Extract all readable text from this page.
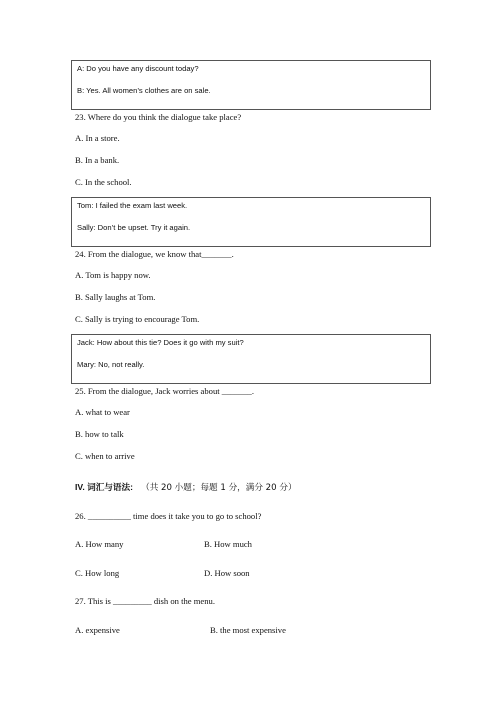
A: Do you have any discount today?
B: Yes. All women’s clothes are on sale.
23. Where do you think the dialogue take place?
A. In a store.
B. In a bank.
C. In the school.
Tom: I failed the exam last week.
Sally: Don’t be upset. Try it again.
24. From the dialogue, we know that_______.
A. Tom is happy now.
B. Sally laughs at Tom.
C. Sally is trying to encourage Tom.
Jack: How about this tie? Does it go with my suit?
Mary: No, not really.
25. From the dialogue, Jack worries about _______.
A. what to wear
B. how to talk
C. when to arrive
IV. 词汇与语法: （共 20 小题；每题 1 分，满分 20 分）
26. __________ time does it take you to go to school?
A. How many	B. How much
C. How long	D. How soon
27. This is _________ dish on the menu.
A. expensive	B. the most expensive
